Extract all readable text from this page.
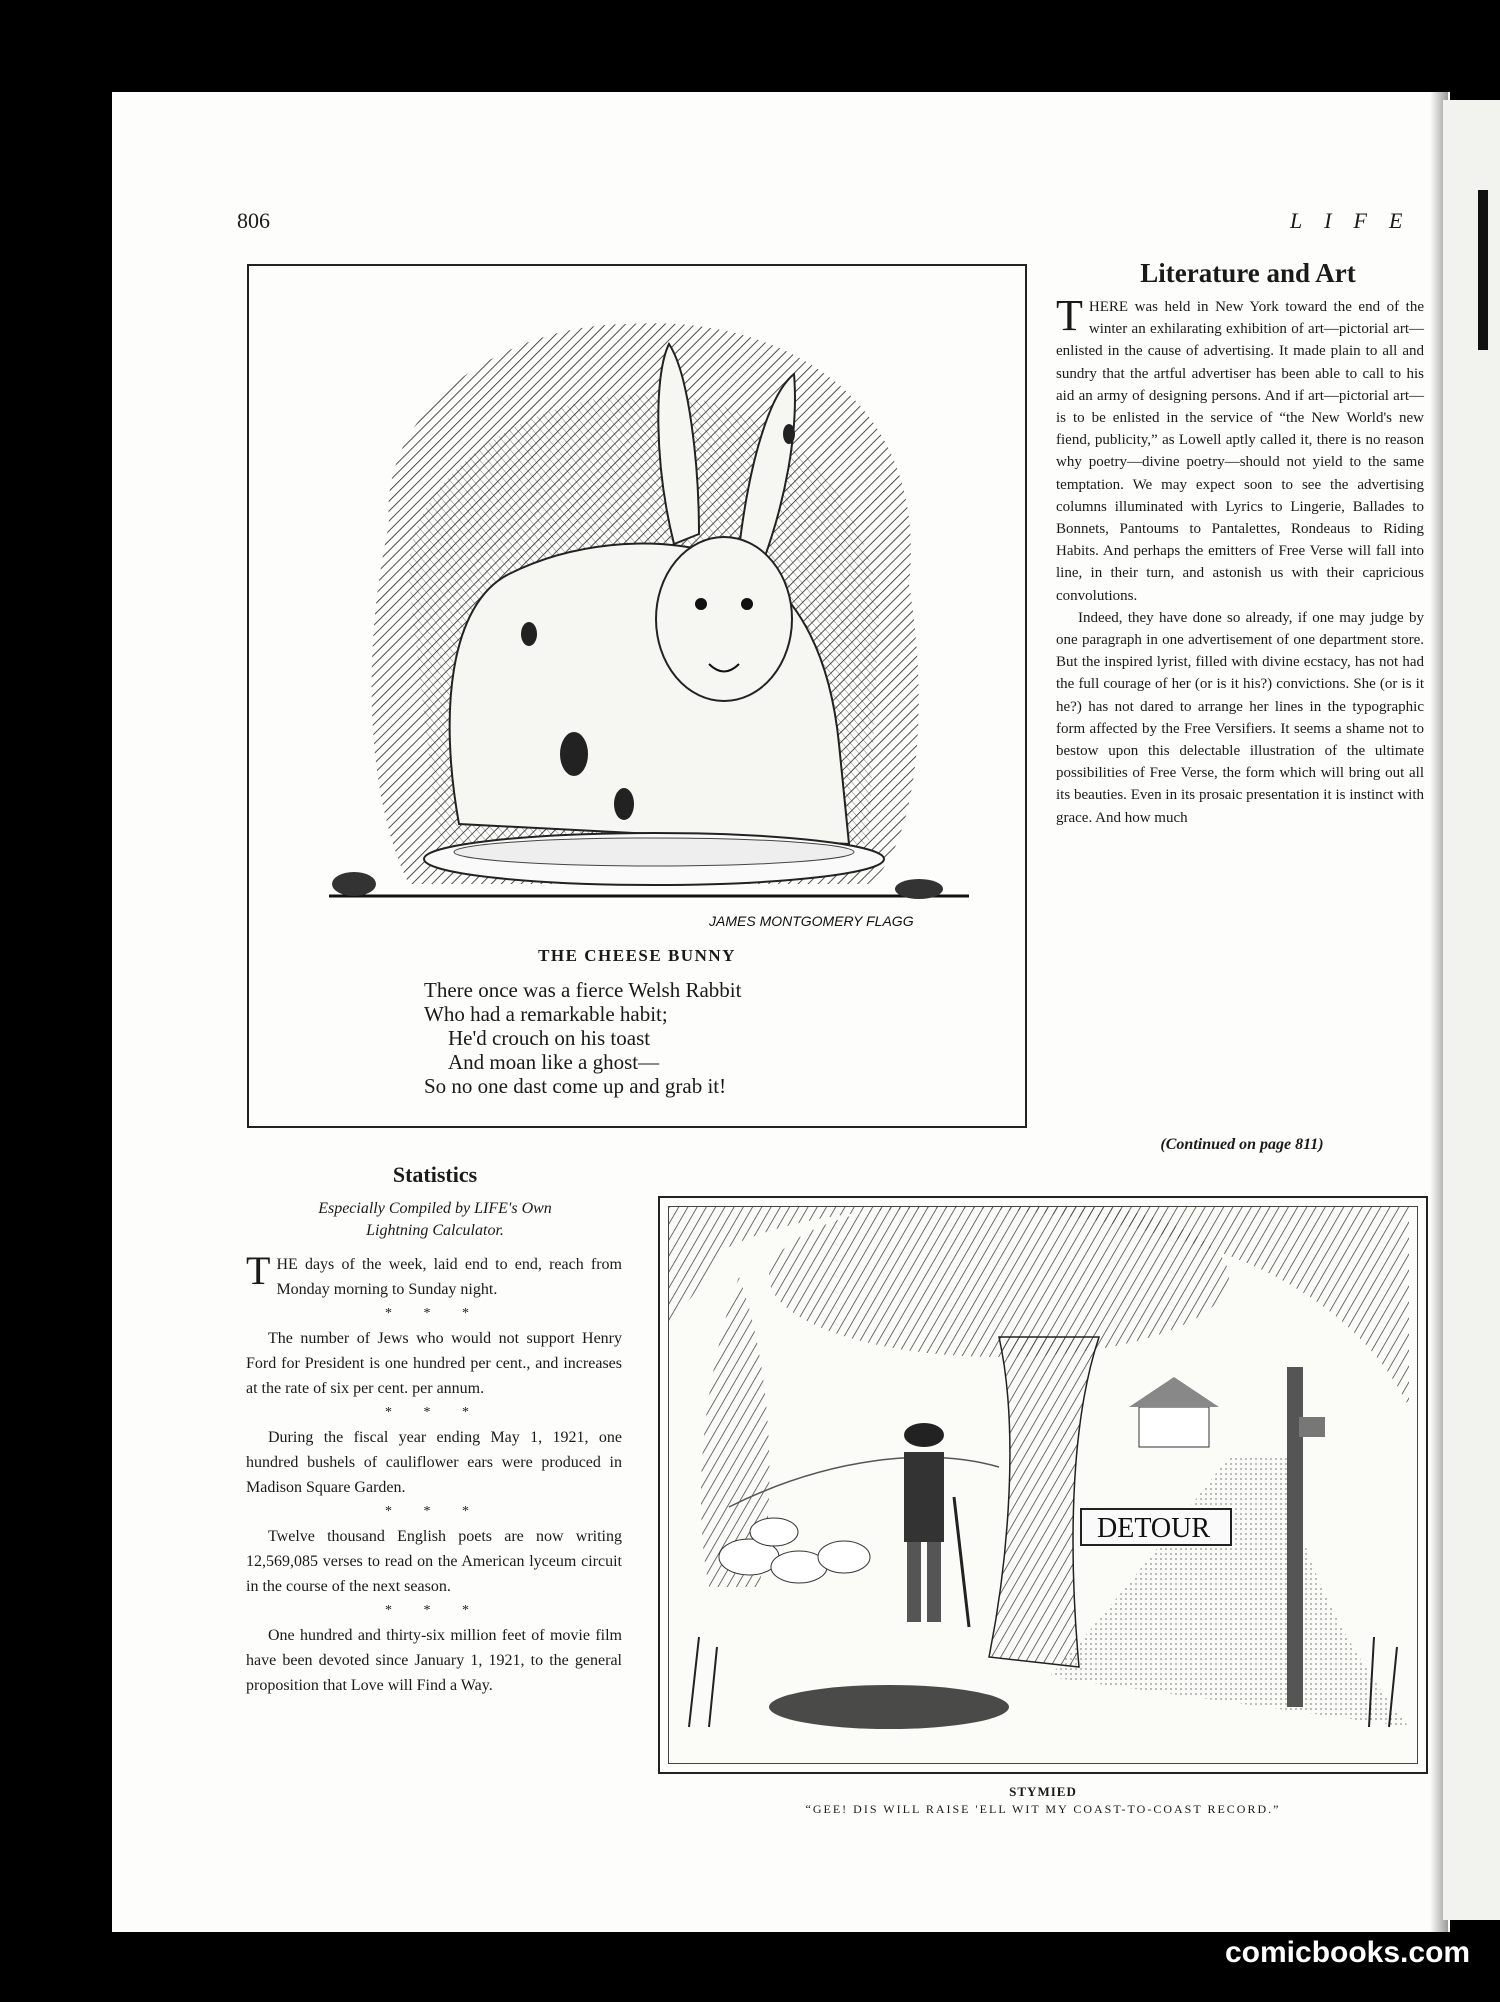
806	LIFE
JAMES MONTGOMERY FLAGG
THE CHEESE BUNNY
There once was a fierce Welsh Rabbit
Who had a remarkable habit;
He'd crouch on his toast
And moan like a ghost—
So no one dast come up and grab it!
Literature and Art

THERE was held in New York toward the end of the winter an exhilarating exhibition of art—pictorial art—enlisted in the cause of advertising. It made plain to all and sundry that the artful advertiser has been able to call to his aid an army of designing persons. And if art—pictorial art—is to be enlisted in the service of “the New World's new fiend, publicity,” as Lowell aptly called it, there is no reason why poetry—divine poetry—should not yield to the same temptation. We may expect soon to see the advertising columns illuminated with Lyrics to Lingerie, Ballades to Bonnets, Pantoums to Pantalettes, Rondeaus to Riding Habits. And perhaps the emitters of Free Verse will fall into line, in their turn, and astonish us with their capricious convolutions.

Indeed, they have done so already, if one may judge by one paragraph in one advertisement of one department store. But the inspired lyrist, filled with divine ecstacy, has not had the full courage of her (or is it his?) convictions. She (or is it he?) has not dared to arrange her lines in the typographic form affected by the Free Versifiers. It seems a shame not to bestow upon this delectable illustration of the ultimate possibilities of Free Verse, the form which will bring out all its beauties. Even in its prosaic presentation it is instinct with grace. And how much

(Continued on page 811)
Statistics
Especially Compiled by LIFE's Own
Lightning Calculator.

THE days of the week, laid end to end, reach from Monday morning to Sunday night.

* * *

The number of Jews who would not support Henry Ford for President is one hundred per cent., and increases at the rate of six per cent. per annum.

* * *

During the fiscal year ending May 1, 1921, one hundred bushels of cauliflower ears were produced in Madison Square Garden.

* * *

Twelve thousand English poets are now writing 12,569,085 verses to read on the American lyceum circuit in the course of the next season.

* * *

One hundred and thirty-six million feet of movie film have been devoted since January 1, 1921, to the general proposition that Love will Find a Way.

DETOUR
STYMIED
“GEE! DIS WILL RAISE 'ELL WIT MY COAST-TO-COAST RECORD.”
comicbooks.com
